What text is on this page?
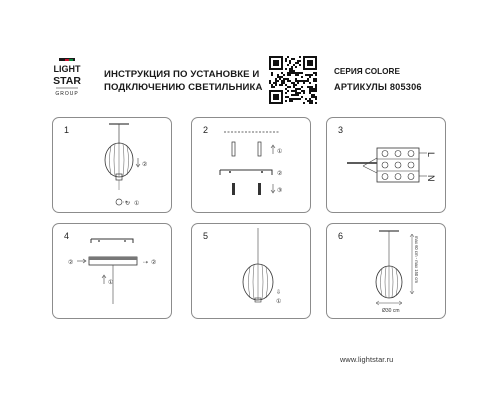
LIGHT
STAR
GROUP
ИНСТРУКЦИЯ ПО УСТАНОВКЕ И
ПОДКЛЮЧЕНИЮ СВЕТИЛЬНИКА
СЕРИЯ COLORE
АРТИКУЛЫ 805306
1
②
↻ ①
2
①
②
③
3
L
N
4
②	⇢ ②
①
5
⇩
①
6	max 60 cm - max 150 cm
Ø30 cm
www.lightstar.ru
